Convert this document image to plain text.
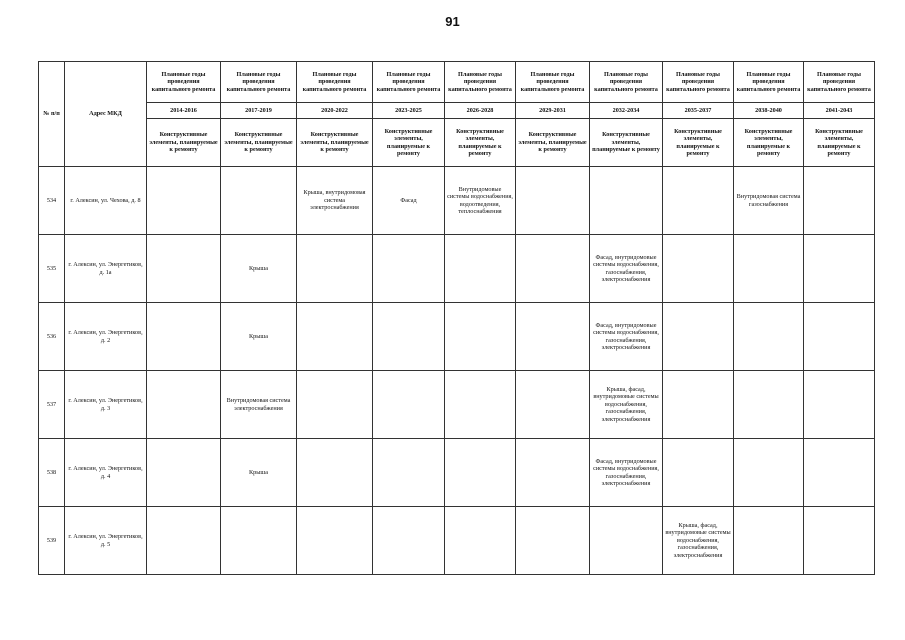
91
№ п/п	Адрес МКД	Плановые годы проведения капитального ремонта	Плановые годы проведения капитального ремонта	Плановые годы проведения капитального ремонта	Плановые годы проведения капитального ремонта	Плановые годы проведения капитального ремонта	Плановые годы проведения капитального ремонта	Плановые годы проведения капитального ремонта	Плановые годы проведения капитального ремонта	Плановые годы проведения капитального ремонта	Плановые годы проведения капитального ремонта
		2014-2016	2017-2019	2020-2022	2023-2025	2026-2028	2029-2031	2032-2034	2035-2037	2038-2040	2041-2043
		Конструктивные элементы, планируемые к ремонту	Конструктивные элементы, планируемые к ремонту	Конструктивные элементы, планируемые к ремонту	Конструктивные элементы, планируемые к ремонту	Конструктивные элементы, планируемые к ремонту	Конструктивные элементы, планируемые к ремонту	Конструктивные элементы, планируемые к ремонту	Конструктивные элементы, планируемые к ремонту	Конструктивные элементы, планируемые к ремонту	Конструктивные элементы, планируемые к ремонту
534	г. Алексин, ул. Чехова, д. 8			Крыша, внутридомовая система электроснабжения	Фасад	Внутридомовые системы водоснабжения, водоотведения, теплоснабжения				Внутридомовая система газоснабжения	
535	г. Алексин, ул. Энергетиков, д. 1а		Крыша					Фасад, внутридомовые системы водоснабжения, газоснабжения, электроснабжения			
536	г. Алексин, ул. Энергетиков, д. 2		Крыша					Фасад, внутридомовые системы водоснабжения, газоснабжения, электроснабжения			
537	г. Алексин, ул. Энергетиков, д. 3		Внутридомовая система электроснабжения					Крыша, фасад, внутридомовые системы водоснабжения, газоснабжения, электроснабжения			
538	г. Алексин, ул. Энергетиков, д. 4		Крыша					Фасад, внутридомовые системы водоснабжения, газоснабжения, электроснабжения			
539	г. Алексин, ул. Энергетиков, д. 5								Крыша, фасад, внутридомовые системы водоснабжения, газоснабжения, электроснабжения		
